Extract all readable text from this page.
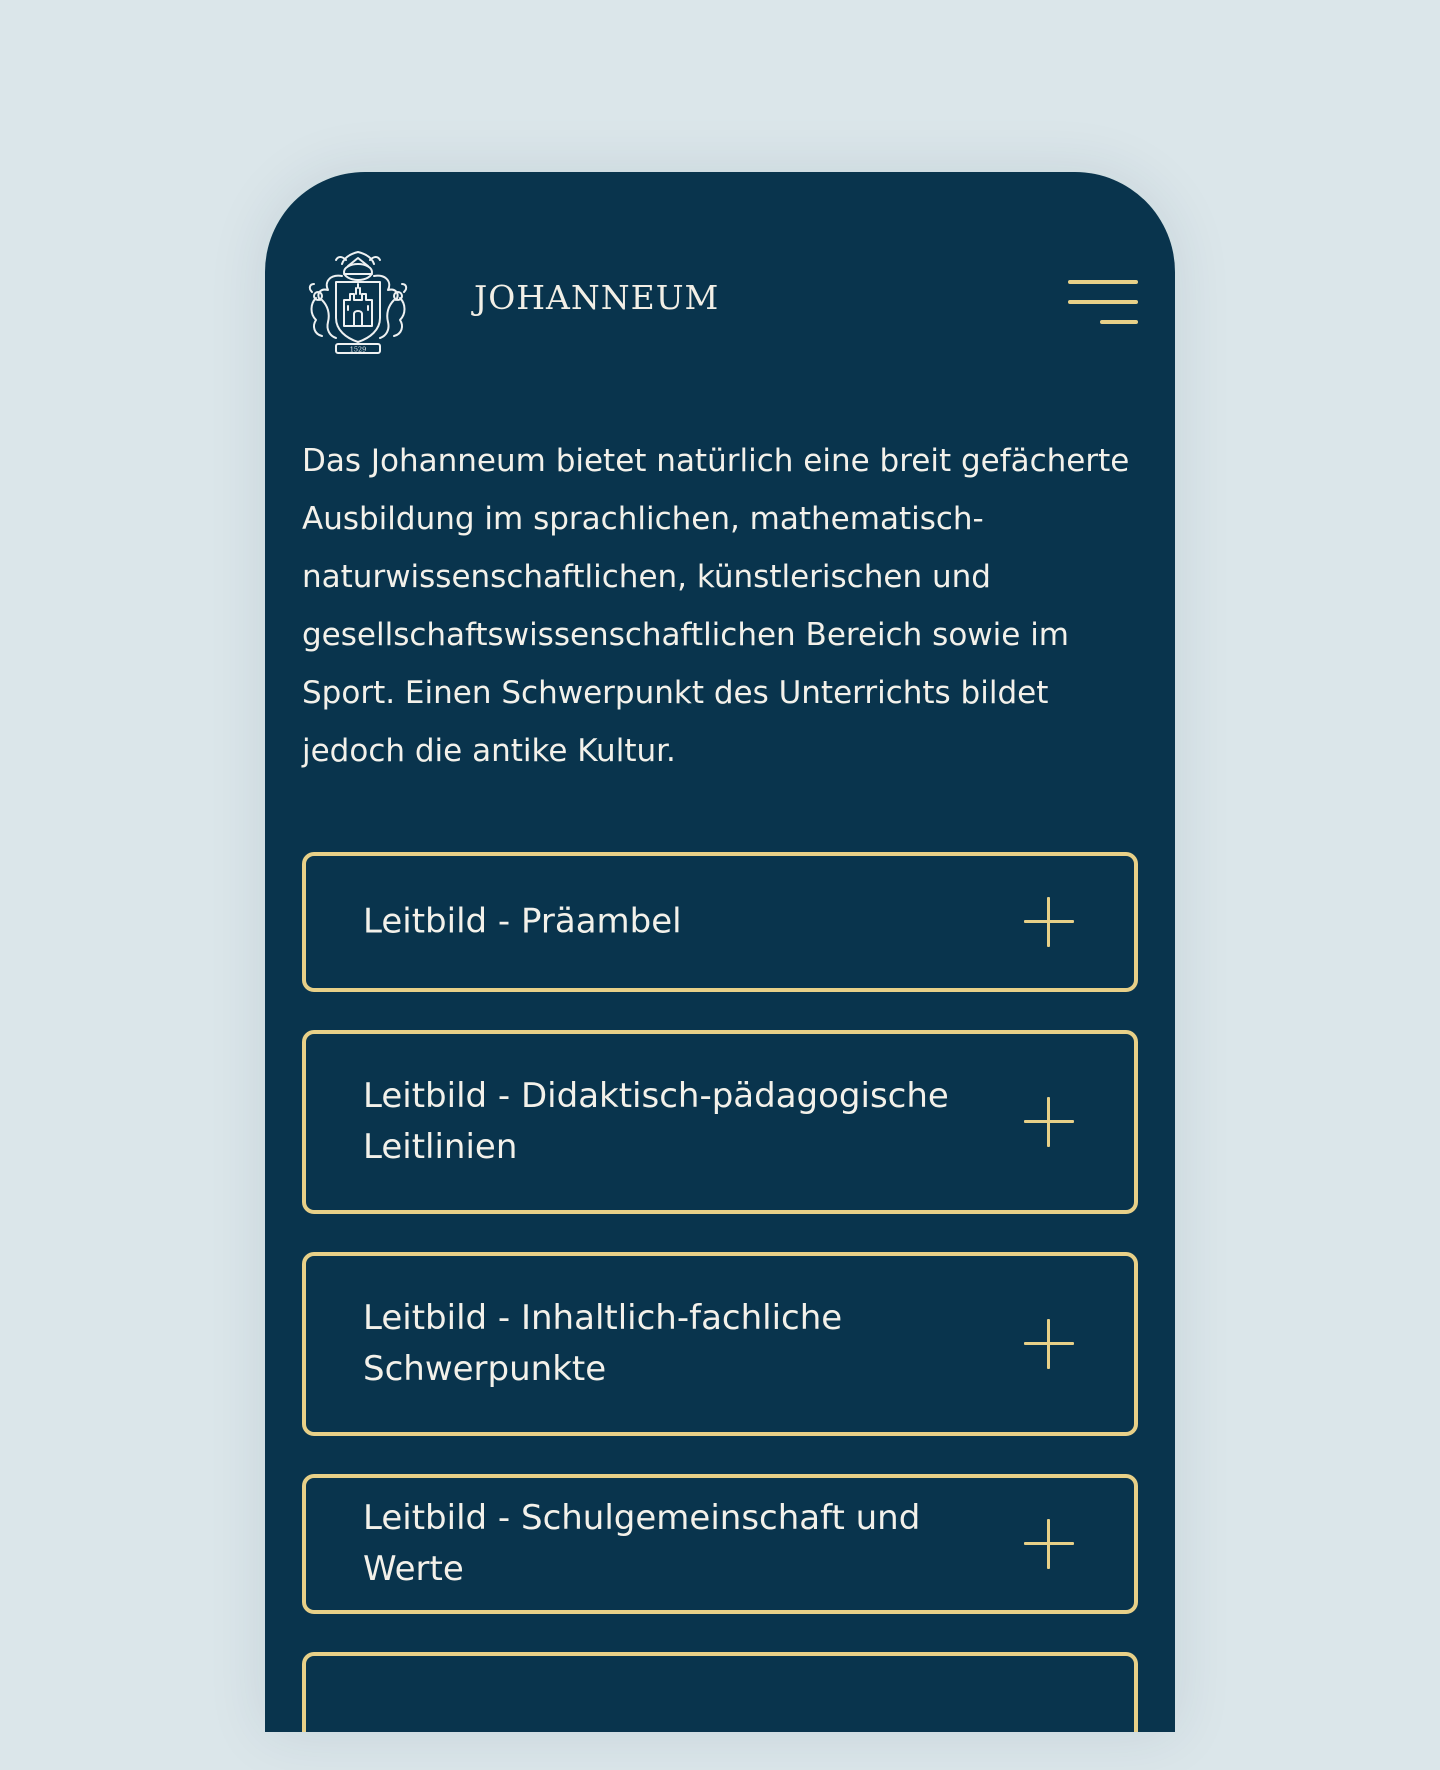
1529
JOHANNEUM

Das Johanneum bietet natürlich eine breit gefächerte Ausbildung im sprachlichen, mathematisch-naturwissenschaftlichen, künstlerischen und gesellschaftswissenschaftlichen Bereich sowie im Sport. Einen Schwerpunkt des Unterrichts bildet jedoch die antike Kultur.

Leitbild - Präambel
Leitbild - Didaktisch-pädagogische Leitlinien
Leitbild - Inhaltlich-fachliche Schwerpunkte
Leitbild - Schulgemeinschaft und Werte
